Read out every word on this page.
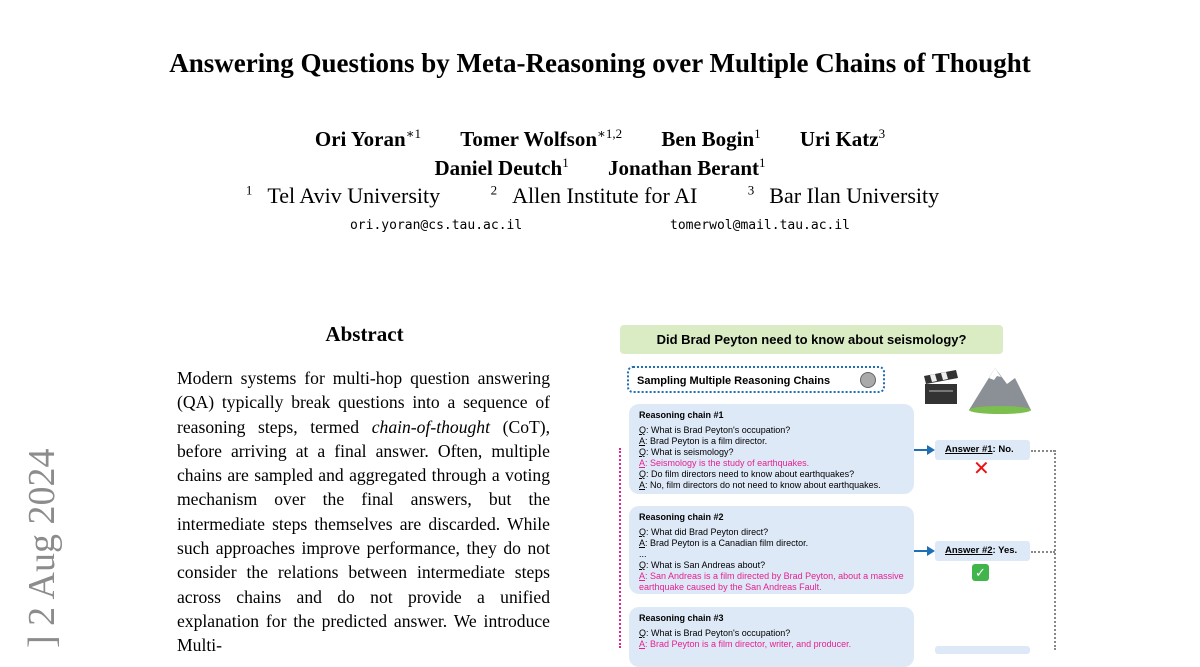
Answering Questions by Meta-Reasoning over Multiple Chains of Thought
Ori Yoran$^{∗1}$ Tomer Wolfson$^{∗1,2}$ Ben Bogin$^1$ Uri Katz$^3$
Daniel Deutch$^1$ Jonathan Berant$^1$
$^1$ Tel Aviv University	$^2$ Allen Institute for AI	$^3$ Bar Ilan University
ori.yoran@cs.tau.ac.il	tomerwol@mail.tau.ac.il
] 2 Aug 2024
Abstract
Modern systems for multi-hop question answering (QA) typically break questions into a sequence of reasoning steps, termed chain-of-thought (CoT), before arriving at a final answer. Often, multiple chains are sampled and aggregated through a voting mechanism over the final answers, but the intermediate steps themselves are discarded. While such approaches improve performance, they do not consider the relations between intermediate steps across chains and do not provide a unified explanation for the predicted answer. We introduce Multi-
Did Brad Peyton need to know about seismology?
Sampling Multiple Reasoning Chains
Reasoning chain #1
Q: What is Brad Peyton's occupation?
A: Brad Peyton is a film director.
Q: What is seismology?
A: Seismology is the study of earthquakes.
Q: Do film directors need to know about earthquakes?
A: No, film directors do not need to know about earthquakes.
Reasoning chain #2
Q: What did Brad Peyton direct?
A: Brad Peyton is a Canadian film director.
...
Q: What is San Andreas about?
A: San Andreas is a film directed by Brad Peyton, about a massive earthquake caused by the San Andreas Fault.
Reasoning chain #3
Q: What is Brad Peyton's occupation?
A: Brad Peyton is a film director, writer, and producer.
Answer #1: No.
Answer #2: Yes.
✕
✓
